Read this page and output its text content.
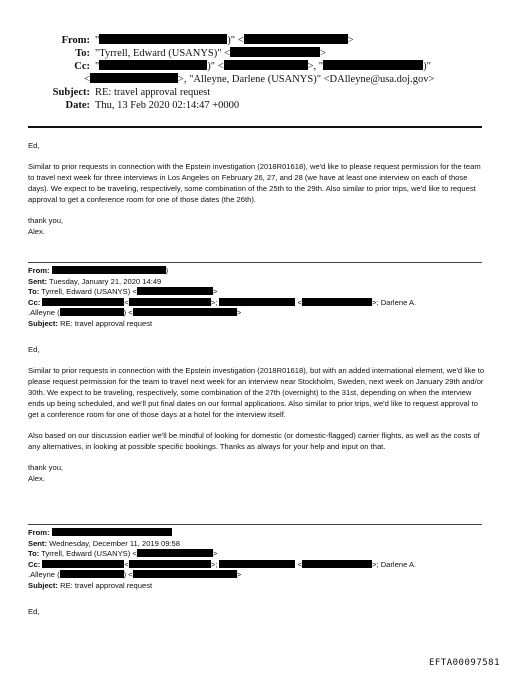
From: "	)" <	>
To: "Tyrrell, Edward (USANYS)" <	>
Cc: "	)" <	>, "	)"
<	>, "Alleyne, Darlene (USANYS)" <DAlleyne@usa.doj.gov>
Subject: RE: travel approval request
Date: Thu, 13 Feb 2020 02:14:47 +0000

Ed,

Similar to prior requests in connection with the Epstein investigation (2018R01618), we'd like to please request permission for the team to travel next week for three interviews in Los Angeles on February 26, 27, and 28 (we have at least one interview on each of those days). We expect to be traveling, respectively, some combination of the 25th to the 29th. Also similar to prior trips, we'd like to request approval to get a conference room for one of those dates (the 26th).

thank you,

Alex.

From:	)
Sent: Tuesday, January 21, 2020 14:49
To: Tyrrell, Edward (USANYS) <	>
Cc:	<	>;	<	>; Darlene A.
.Alleyne (	) <	>
Subject: RE: travel approval request

Ed,

Similar to prior requests in connection with the Epstein investigation (2018R01618), but with an added international element, we'd like to please request permission for the team to travel next week for an interview near Stockholm, Sweden, next week on January 29th and/or 30th. We expect to be traveling, respectively, some combination of the 27th (overnight) to the 31st, depending on when the interview ends up being scheduled, and we'll put final dates on our formal applications. Also similar to prior trips, we'd like to request approval to get a conference room for one of those days at a hotel for the interview itself.

Also based on our discussion earlier we'll be mindful of looking for domestic (or domestic-flagged) carrier flights, as well as the costs of any alternatives, in looking at possible specific bookings. Thanks as always for your help and input on that.

thank you,

Alex.

From:
Sent: Wednesday, December 11, 2019 09:58
To: Tyrrell, Edward (USANYS) <	>
Cc:	<	>;	<	>; Darlene A.
.Alleyne (	) <	>
Subject: RE: travel approval request

Ed,

EFTA00097581
